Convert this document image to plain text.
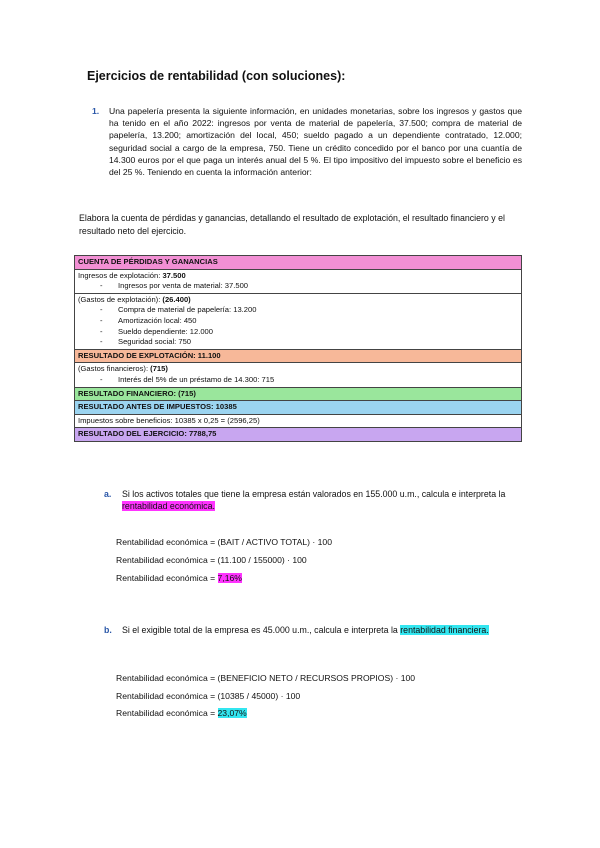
Ejercicios de rentabilidad (con soluciones):
1. Una papelería presenta la siguiente información, en unidades monetarias, sobre los ingresos y gastos que ha tenido en el año 2022: ingresos por venta de material de papelería, 37.500; compra de material de papelería, 13.200; amortización del local, 450; sueldo pagado a un dependiente contratado, 12.000; seguridad social a cargo de la empresa, 750. Tiene un crédito concedido por el banco por una cuantía de 14.300 euros por el que paga un interés anual del 5 %. El tipo impositivo del impuesto sobre el beneficio es del 25 %. Teniendo en cuenta la información anterior:
Elabora la cuenta de pérdidas y ganancias, detallando el resultado de explotación, el resultado financiero y el resultado neto del ejercicio.
CUENTA DE PÉRDIDAS Y GANANCIAS
Ingresos de explotación: 37.500
- Ingresos por venta de material: 37.500

(Gastos de explotación): (26.400)
- Compra de material de papelería: 13.200
- Amortización local: 450
- Sueldo dependiente: 12.000
- Seguridad social: 750

RESULTADO DE EXPLOTACIÓN: 11.100
(Gastos financieros): (715)
- Interés del 5% de un préstamo de 14.300: 715

RESULTADO FINANCIERO: (715)
RESULTADO ANTES DE IMPUESTOS: 10385
Impuestos sobre beneficios: 10385 x 0,25 = (2596,25)
RESULTADO DEL EJERCICIO: 7788,75
a. Si los activos totales que tiene la empresa están valorados en 155.000 u.m., calcula e interpreta la rentabilidad económica.
Rentabilidad económica = (BAIT / ACTIVO TOTAL) · 100
Rentabilidad económica = (11.100 / 155000) · 100
Rentabilidad económica = 7,16%
b. Si el exigible total de la empresa es 45.000 u.m., calcula e interpreta la rentabilidad financiera.
Rentabilidad económica = (BENEFICIO NETO / RECURSOS PROPIOS) · 100
Rentabilidad económica = (10385 / 45000) · 100
Rentabilidad económica = 23,07%
